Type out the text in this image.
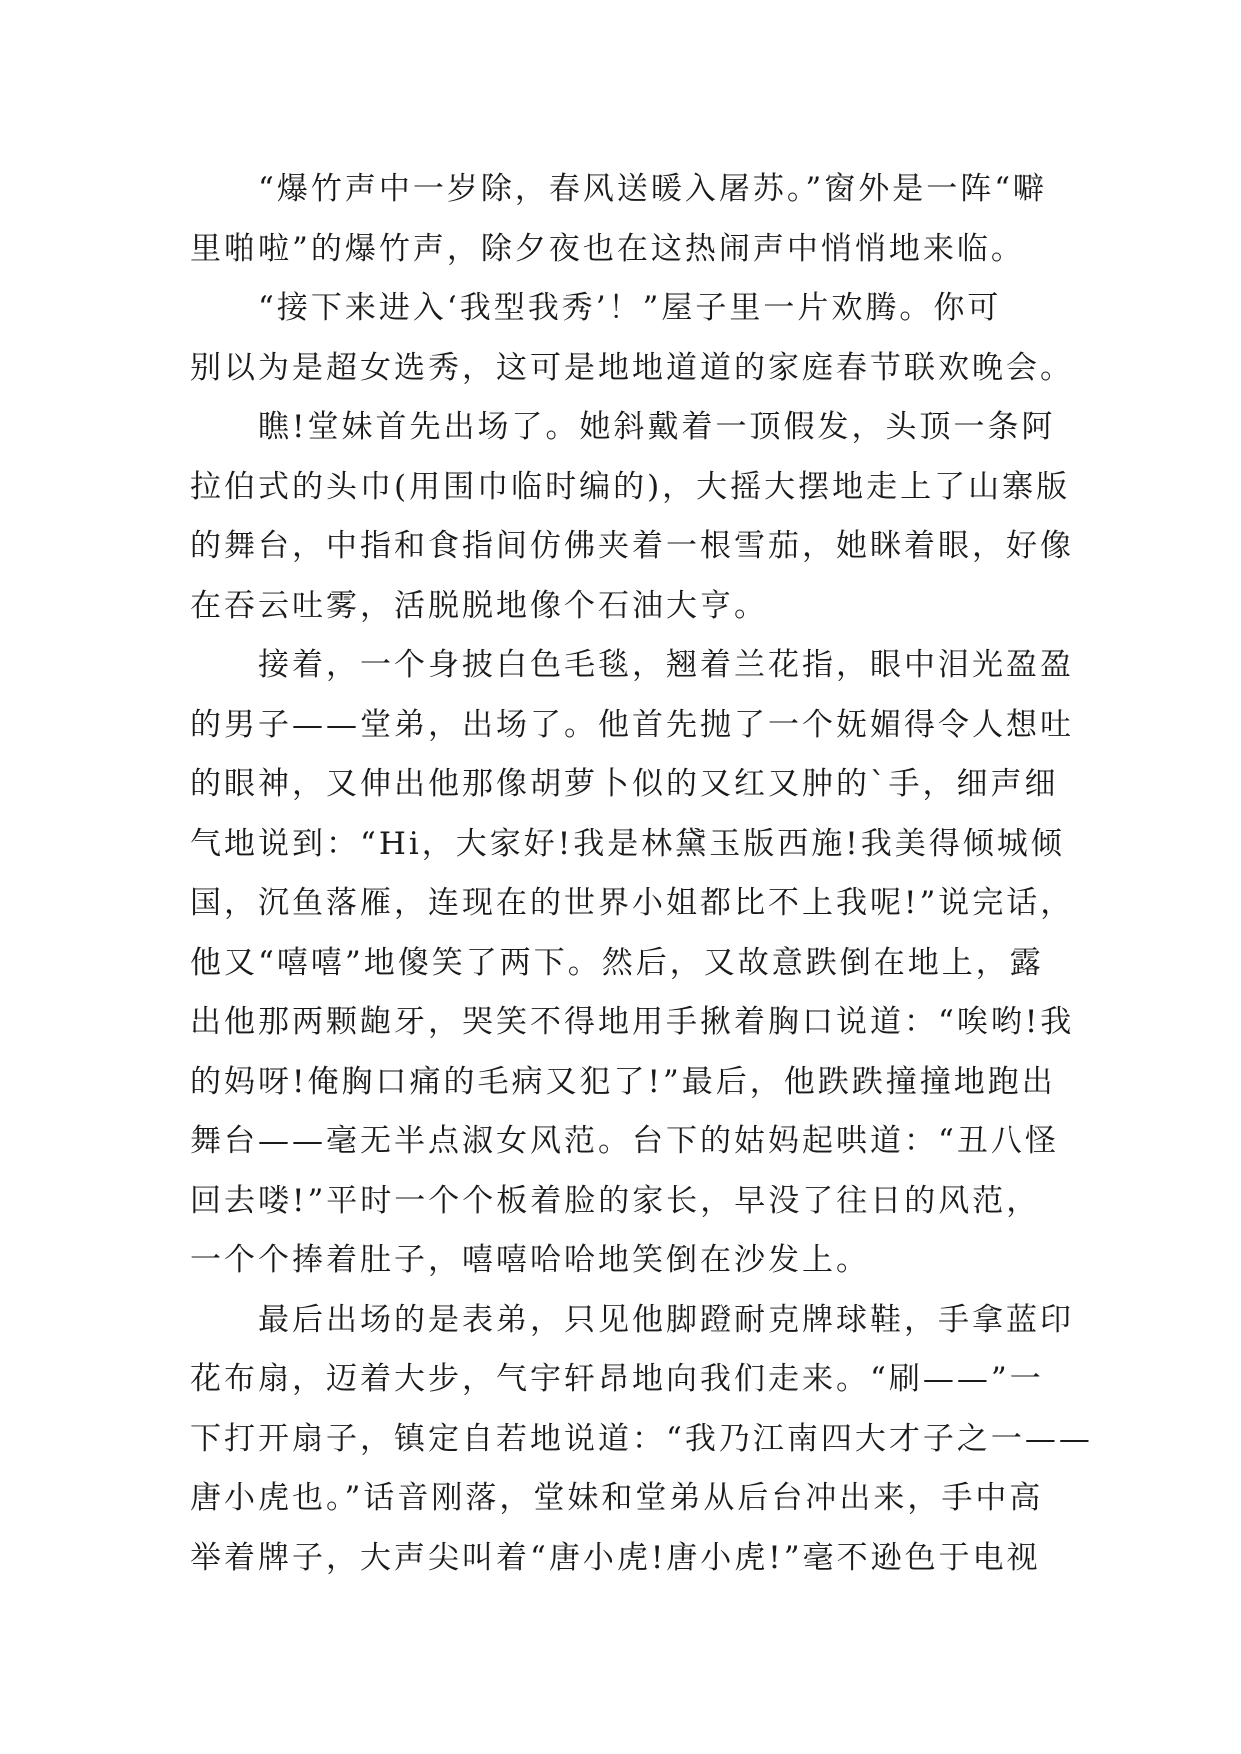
　　“爆竹声中一岁除，春风送暖入屠苏。”窗外是一阵“噼
里啪啦”的爆竹声，除夕夜也在这热闹声中悄悄地来临。

　　“接下来进入‘我型我秀’！”屋子里一片欢腾。你可
别以为是超女选秀，这可是地地道道的家庭春节联欢晚会。

　　瞧!堂妹首先出场了。她斜戴着一顶假发，头顶一条阿
拉伯式的头巾(用围巾临时编的)，大摇大摆地走上了山寨版
的舞台，中指和食指间仿佛夹着一根雪茄，她眯着眼，好像
在吞云吐雾，活脱脱地像个石油大亨。

　　接着，一个身披白色毛毯，翘着兰花指，眼中泪光盈盈
的男子——堂弟，出场了。他首先抛了一个妩媚得令人想吐
的眼神，又伸出他那像胡萝卜似的又红又肿的`手，细声细
气地说到：“Hi，大家好!我是林黛玉版西施!我美得倾城倾
国，沉鱼落雁，连现在的世界小姐都比不上我呢!”说完话，
他又“嘻嘻”地傻笑了两下。然后，又故意跌倒在地上，露
出他那两颗龅牙，哭笑不得地用手揪着胸口说道：“唉哟!我
的妈呀!俺胸口痛的毛病又犯了!”最后，他跌跌撞撞地跑出
舞台——毫无半点淑女风范。台下的姑妈起哄道：“丑八怪
回去喽!”平时一个个板着脸的家长，早没了往日的风范，
一个个捧着肚子，嘻嘻哈哈地笑倒在沙发上。

　　最后出场的是表弟，只见他脚蹬耐克牌球鞋，手拿蓝印
花布扇，迈着大步，气宇轩昂地向我们走来。“刷——”一
下打开扇子，镇定自若地说道：“我乃江南四大才子之一——
唐小虎也。”话音刚落，堂妹和堂弟从后台冲出来，手中高
举着牌子，大声尖叫着“唐小虎!唐小虎!”毫不逊色于电视
